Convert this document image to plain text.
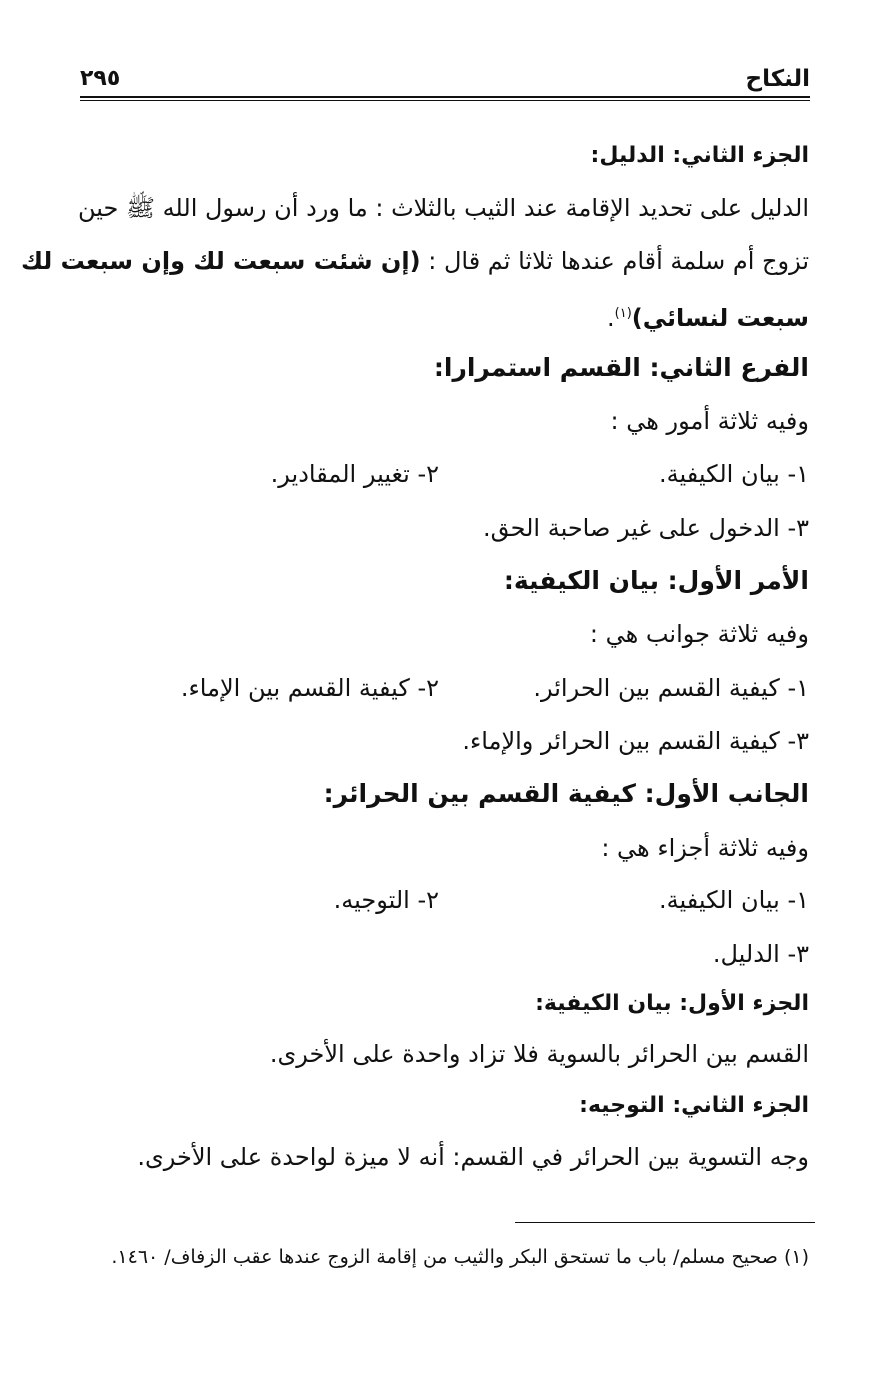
النكاح
٢٩٥
الجزء الثاني: الدليل:
الدليل على تحديد الإقامة عند الثيب بالثلاث : ما ورد أن رسول الله ﷺ حين
تزوج أم سلمة أقام عندها ثلاثا ثم قال : (إن شئت سبعت لك وإن سبعت لك
سبعت لنسائي)$^{(١)}$.
الفرع الثاني: القسم استمرارا:
وفيه ثلاثة أمور هي :
١- بيان الكيفية.
٢- تغيير المقادير.
٣- الدخول على غير صاحبة الحق.
الأمر الأول: بيان الكيفية:
وفيه ثلاثة جوانب هي :
١- كيفية القسم بين الحرائر.
٢- كيفية القسم بين الإماء.
٣- كيفية القسم بين الحرائر والإماء.
الجانب الأول: كيفية القسم بين الحرائر:
وفيه ثلاثة أجزاء هي :
١- بيان الكيفية.
٢- التوجيه.
٣- الدليل.
الجزء الأول: بيان الكيفية:
القسم بين الحرائر بالسوية فلا تزاد واحدة على الأخرى.
الجزء الثاني: التوجيه:
وجه التسوية بين الحرائر في القسم: أنه لا ميزة لواحدة على الأخرى.
(١) صحيح مسلم/ باب ما تستحق البكر والثيب من إقامة الزوج عندها عقب الزفاف/ ١٤٦٠.
